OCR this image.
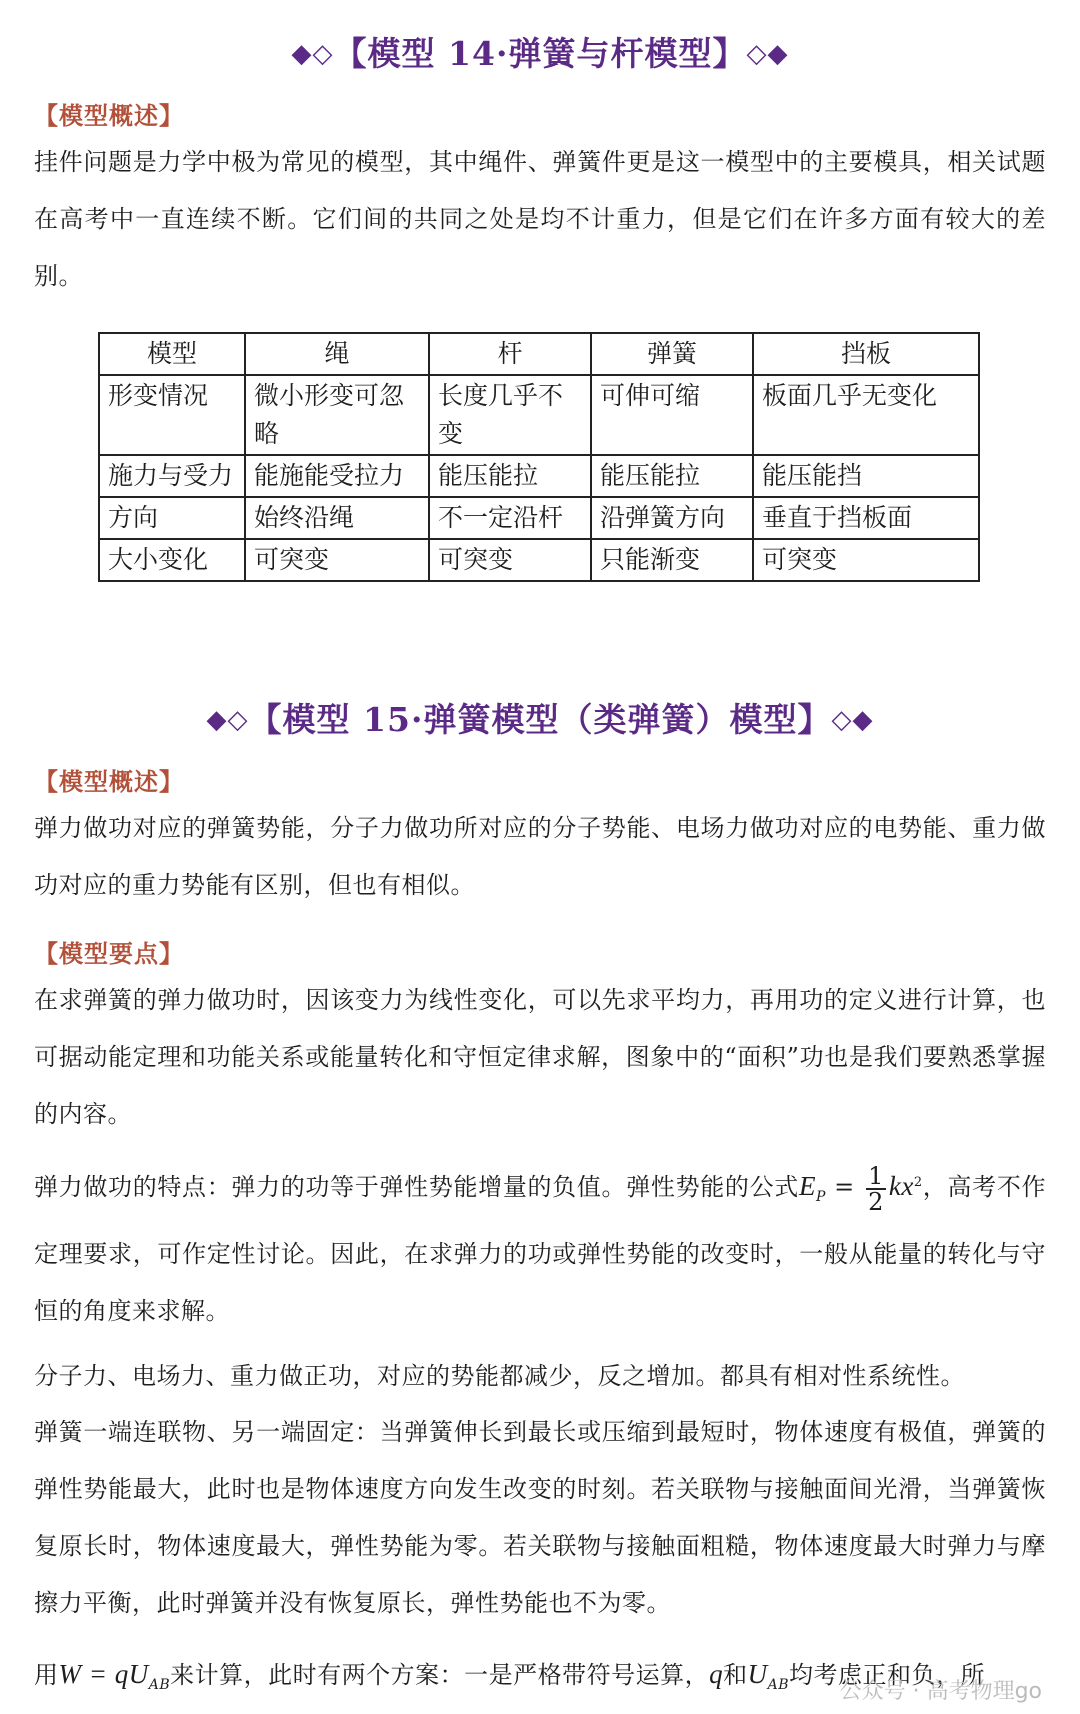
◆◇【模型 14·弹簧与杆模型】◇◆
【模型概述】
挂件问题是力学中极为常见的模型，其中绳件、弹簧件更是这一模型中的主要模具，相关试题在高考中一直连续不断。它们间的共同之处是均不计重力，但是它们在许多方面有较大的差别。
模型	绳	杆	弹簧	挡板
形变情况	微小形变可忽略	长度几乎不变	可伸可缩	板面几乎无变化
施力与受力	能施能受拉力	能压能拉	能压能拉	能压能挡
方向	始终沿绳	不一定沿杆	沿弹簧方向	垂直于挡板面
大小变化	可突变	可突变	只能渐变	可突变
◆◇【模型 15·弹簧模型（类弹簧）模型】◇◆
【模型概述】
弹力做功对应的弹簧势能，分子力做功所对应的分子势能、电场力做功对应的电势能、重力做功对应的重力势能有区别，但也有相似。
【模型要点】
在求弹簧的弹力做功时，因该变力为线性变化，可以先求平均力，再用功的定义进行计算，也可据动能定理和功能关系或能量转化和守恒定律求解，图象中的“面积”功也是我们要熟悉掌握的内容。
弹力做功的特点：弹力的功等于弹性势能增量的负值。弹性势能的公式$E_P = \frac{1}{2} kx^2$，高考不作定理要求，可作定性讨论。因此，在求弹力的功或弹性势能的改变时，一般从能量的转化与守恒的角度来求解。
分子力、电场力、重力做正功，对应的势能都减少，反之增加。都具有相对性系统性。
弹簧一端连联物、另一端固定：当弹簧伸长到最长或压缩到最短时，物体速度有极值，弹簧的弹性势能最大，此时也是物体速度方向发生改变的时刻。若关联物与接触面间光滑，当弹簧恢复原长时，物体速度最大，弹性势能为零。若关联物与接触面粗糙，物体速度最大时弹力与摩擦力平衡，此时弹簧并没有恢复原长，弹性势能也不为零。
用$W = qU_{AB}$来计算，此时有两个方案：一是严格带符号运算，q和$U_{AB}$均考虑正和负，所
公众号 · 高考物理go
